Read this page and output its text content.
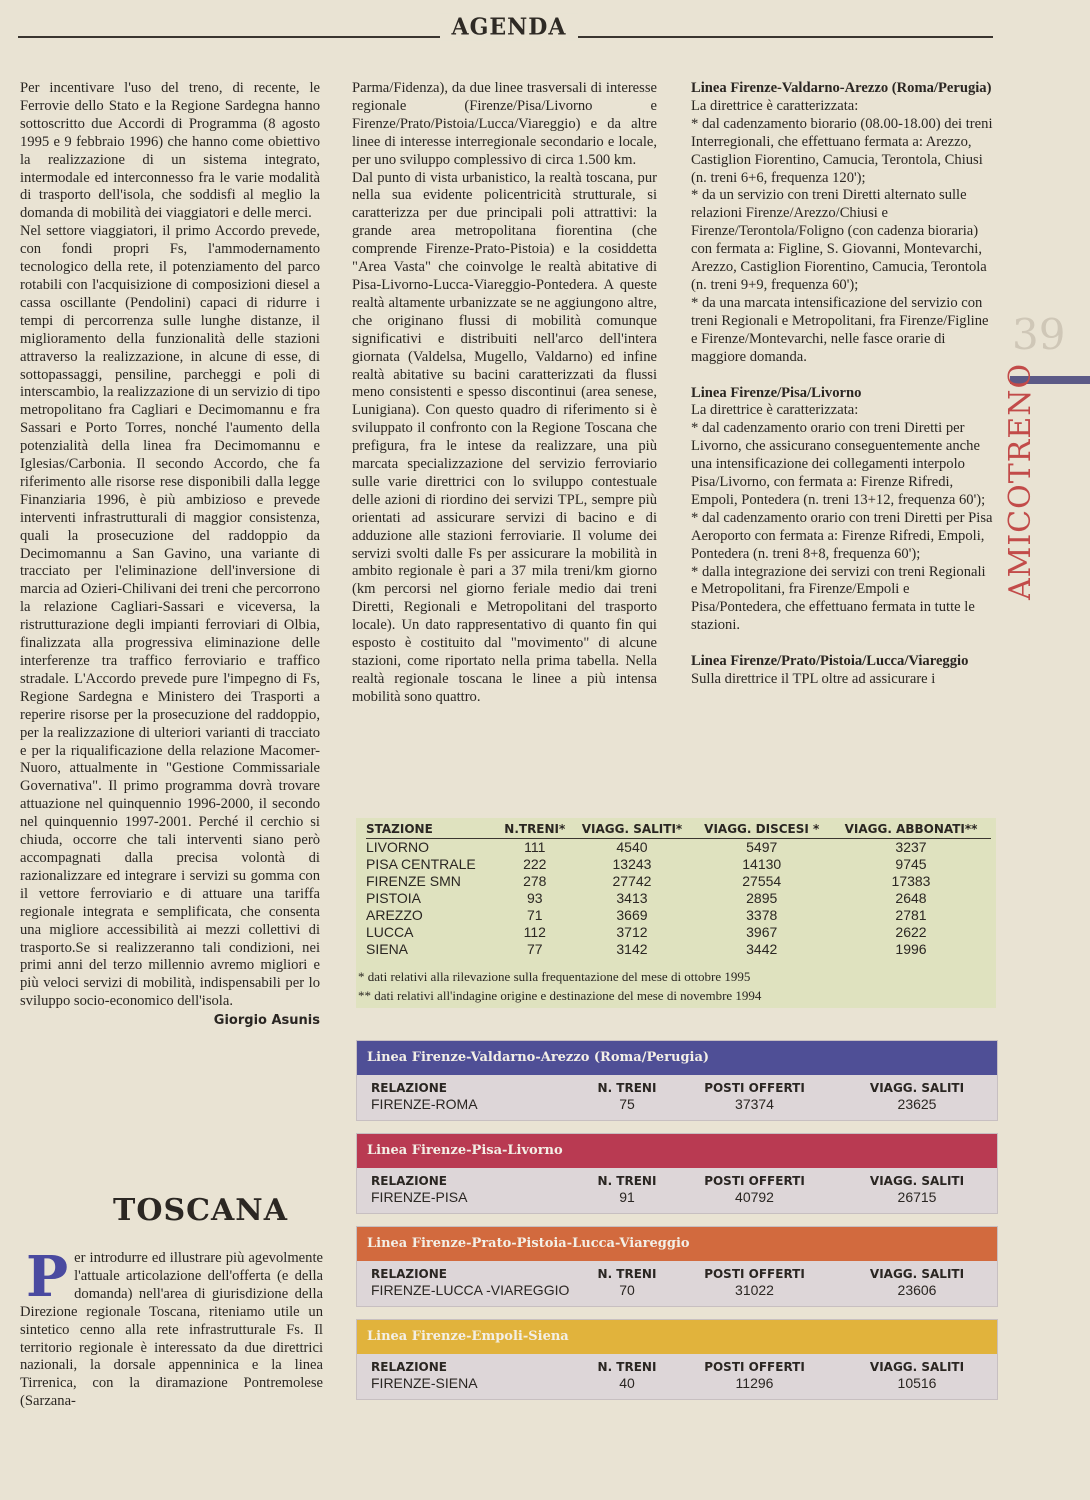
AGENDA
39
AMICOTRENO

Per incentivare l'uso del treno, di recente, le Ferrovie dello Stato e la Regione Sardegna hanno sottoscritto due Accordi di Programma (8 agosto 1995 e 9 febbraio 1996) che hanno come obiettivo la realizzazione di un sistema integrato, intermodale ed interconnesso fra le varie modalità di trasporto dell'isola, che soddisfi al meglio la domanda di mobilità dei viaggiatori e delle merci.

Nel settore viaggiatori, il primo Accordo prevede, con fondi propri Fs, l'ammodernamento tecnologico della rete, il potenziamento del parco rotabili con l'acquisizione di composizioni diesel a cassa oscillante (Pendolini) capaci di ridurre i tempi di percorrenza sulle lunghe distanze, il miglioramento della funzionalità delle stazioni attraverso la realizzazione, in alcune di esse, di sottopassaggi, pensiline, parcheggi e poli di interscambio, la realizzazione di un servizio di tipo metropolitano fra Cagliari e Decimomannu e fra Sassari e Porto Torres, nonché l'aumento della potenzialità della linea fra Decimomannu e Iglesias/Carbonia. Il secondo Accordo, che fa riferimento alle risorse rese disponibili dalla legge Finanziaria 1996, è più ambizioso e prevede interventi infrastrutturali di maggior consistenza, quali la prosecuzione del raddoppio da Decimomannu a San Gavino, una variante di tracciato per l'eliminazione dell'inversione di marcia ad Ozieri-Chilivani dei treni che percorrono la relazione Cagliari-Sassari e viceversa, la ristrutturazione degli impianti ferroviari di Olbia, finalizzata alla progressiva eliminazione delle interferenze tra traffico ferroviario e traffico stradale. L'Accordo prevede pure l'impegno di Fs, Regione Sardegna e Ministero dei Trasporti a reperire risorse per la prosecuzione del raddoppio, per la realizzazione di ulteriori varianti di tracciato e per la riqualificazione della relazione Macomer-Nuoro, attualmente in "Gestione Commissariale Governativa". Il primo programma dovrà trovare attuazione nel quinquennio 1996-2000, il secondo nel quinquennio 1997-2001. Perché il cerchio si chiuda, occorre che tali interventi siano però accompagnati dalla precisa volontà di razionalizzare ed integrare i servizi su gomma con il vettore ferroviario e di attuare una tariffa regionale integrata e semplificata, che consenta una migliore accessibilità ai mezzi collettivi di trasporto.Se si realizzeranno tali condizioni, nei primi anni del terzo millennio avremo migliori e più veloci servizi di mobilità, indispensabili per lo sviluppo socio-economico dell'isola.

Giorgio Asunis
TOSCANA
P er introdurre ed illustrare più agevolmente l'attuale articolazione dell'offerta (e della domanda) nell'area di giurisdizione della Direzione regionale Toscana, riteniamo utile un sintetico cenno alla rete infrastrutturale Fs. Il territorio regionale è interessato da due direttrici nazionali, la dorsale appenninica e la linea Tirrenica, con la diramazione Pontremolese (Sarzana-

Parma/Fidenza), da due linee trasversali di interesse regionale (Firenze/Pisa/Livorno e Firenze/Prato/Pistoia/Lucca/Viareggio) e da altre linee di interesse interregionale secondario e locale, per uno sviluppo complessivo di circa 1.500 km.

Dal punto di vista urbanistico, la realtà toscana, pur nella sua evidente policentricità strutturale, si caratterizza per due principali poli attrattivi: la grande area metropolitana fiorentina (che comprende Firenze-Prato-Pistoia) e la cosiddetta "Area Vasta" che coinvolge le realtà abitative di Pisa-Livorno-Lucca-Viareggio-Pontedera. A queste realtà altamente urbanizzate se ne aggiungono altre, che originano flussi di mobilità comunque significativi e distribuiti nell'arco dell'intera giornata (Valdelsa, Mugello, Valdarno) ed infine realtà abitative su bacini caratterizzati da flussi meno consistenti e spesso discontinui (area senese, Lunigiana). Con questo quadro di riferimento si è sviluppato il confronto con la Regione Toscana che prefigura, fra le intese da realizzare, una più marcata specializzazione del servizio ferroviario sulle varie direttrici con lo sviluppo contestuale delle azioni di riordino dei servizi TPL, sempre più orientati ad assicurare servizi di bacino e di adduzione alle stazioni ferroviarie. Il volume dei servizi svolti dalle Fs per assicurare la mobilità in ambito regionale è pari a 37 mila treni/km giorno (km percorsi nel giorno feriale medio dai treni Diretti, Regionali e Metropolitani del trasporto locale). Un dato rappresentativo di quanto fin qui esposto è costituito dal "movimento" di alcune stazioni, come riportato nella prima tabella. Nella realtà regionale toscana le linee a più intensa mobilità sono quattro.

Linea Firenze-Valdarno-Arezzo (Roma/Perugia)

La direttrice è caratterizzata:

* dal cadenzamento biorario (08.00-18.00) dei treni Interregionali, che effettuano fermata a: Arezzo, Castiglion Fiorentino, Camucia, Terontola, Chiusi (n. treni 6+6, frequenza 120');

* da un servizio con treni Diretti alternato sulle relazioni Firenze/Arezzo/Chiusi e Firenze/Terontola/Foligno (con cadenza bioraria) con fermata a: Figline, S. Giovanni, Montevarchi, Arezzo, Castiglion Fiorentino, Camucia, Terontola (n. treni 9+9, frequenza 60');

* da una marcata intensificazione del servizio con treni Regionali e Metropolitani, fra Firenze/Figline e Firenze/Montevarchi, nelle fasce orarie di maggiore domanda.

Linea Firenze/Pisa/Livorno

La direttrice è caratterizzata:

* dal cadenzamento orario con treni Diretti per Livorno, che assicurano conseguentemente anche una intensificazione dei collegamenti interpolo Pisa/Livorno, con fermata a: Firenze Rifredi, Empoli, Pontedera (n. treni 13+12, frequenza 60');

* dal cadenzamento orario con treni Diretti per Pisa Aeroporto con fermata a: Firenze Rifredi, Empoli, Pontedera (n. treni 8+8, frequenza 60');

* dalla integrazione dei servizi con treni Regionali e Metropolitani, fra Firenze/Empoli e Pisa/Pontedera, che effettuano fermata in tutte le stazioni.

Linea Firenze/Prato/Pistoia/Lucca/Viareggio

Sulla direttrice il TPL oltre ad assicurare i

STAZIONE	N.TRENI*	VIAGG. SALITI*	VIAGG. DISCESI *	VIAGG. ABBONATI**
LIVORNO	111	4540	5497	3237
PISA CENTRALE	222	13243	14130	9745
FIRENZE SMN	278	27742	27554	17383
PISTOIA	93	3413	2895	2648
AREZZO	71	3669	3378	2781
LUCCA	112	3712	3967	2622
SIENA	77	3142	3442	1996
* dati relativi alla rilevazione sulla frequentazione del mese di ottobre 1995
** dati relativi all'indagine origine e destinazione del mese di novembre 1994
Linea Firenze-Valdarno-Arezzo (Roma/Perugia)
RELAZIONE	N. TRENI	POSTI OFFERTI	VIAGG. SALITI
FIRENZE-ROMA	75	37374	23625
Linea Firenze-Pisa-Livorno
RELAZIONE	N. TRENI	POSTI OFFERTI	VIAGG. SALITI
FIRENZE-PISA	91	40792	26715
Linea Firenze-Prato-Pistoia-Lucca-Viareggio
RELAZIONE	N. TRENI	POSTI OFFERTI	VIAGG. SALITI
FIRENZE-LUCCA -VIAREGGIO	70	31022	23606
Linea Firenze-Empoli-Siena
RELAZIONE	N. TRENI	POSTI OFFERTI	VIAGG. SALITI
FIRENZE-SIENA	40	11296	10516
